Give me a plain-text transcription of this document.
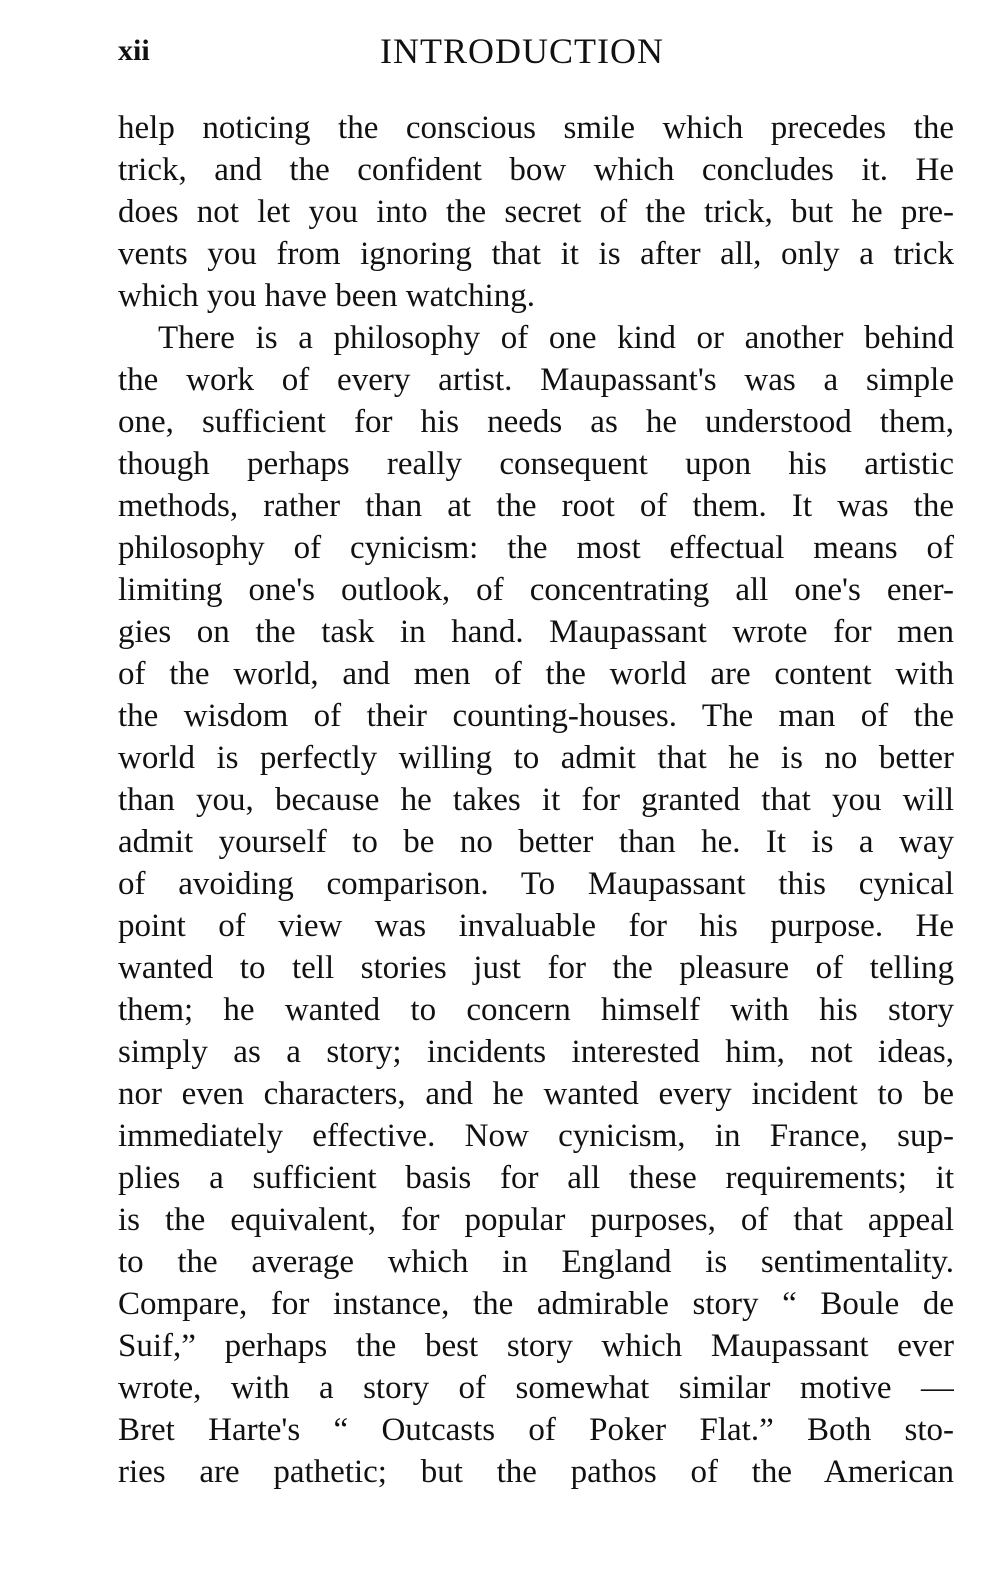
xii	INTRODUCTION
help noticing the conscious smile which precedes the
trick, and the confident bow which concludes it. He
does not let you into the secret of the trick, but he pre-
vents you from ignoring that it is after all, only a trick
which you have been watching.
There is a philosophy of one kind or another behind
the work of every artist. Maupassant's was a simple
one, sufficient for his needs as he understood them,
though perhaps really consequent upon his artistic
methods, rather than at the root of them. It was the
philosophy of cynicism: the most effectual means of
limiting one's outlook, of concentrating all one's ener-
gies on the task in hand. Maupassant wrote for men
of the world, and men of the world are content with
the wisdom of their counting-houses. The man of the
world is perfectly willing to admit that he is no better
than you, because he takes it for granted that you will
admit yourself to be no better than he. It is a way
of avoiding comparison. To Maupassant this cynical
point of view was invaluable for his purpose. He
wanted to tell stories just for the pleasure of telling
them; he wanted to concern himself with his story
simply as a story; incidents interested him, not ideas,
nor even characters, and he wanted every incident to be
immediately effective. Now cynicism, in France, sup-
plies a sufficient basis for all these requirements; it
is the equivalent, for popular purposes, of that appeal
to the average which in England is sentimentality.
Compare, for instance, the admirable story “ Boule de
Suif,” perhaps the best story which Maupassant ever
wrote, with a story of somewhat similar motive —
Bret Harte's “ Outcasts of Poker Flat.” Both sto-
ries are pathetic; but the pathos of the American
